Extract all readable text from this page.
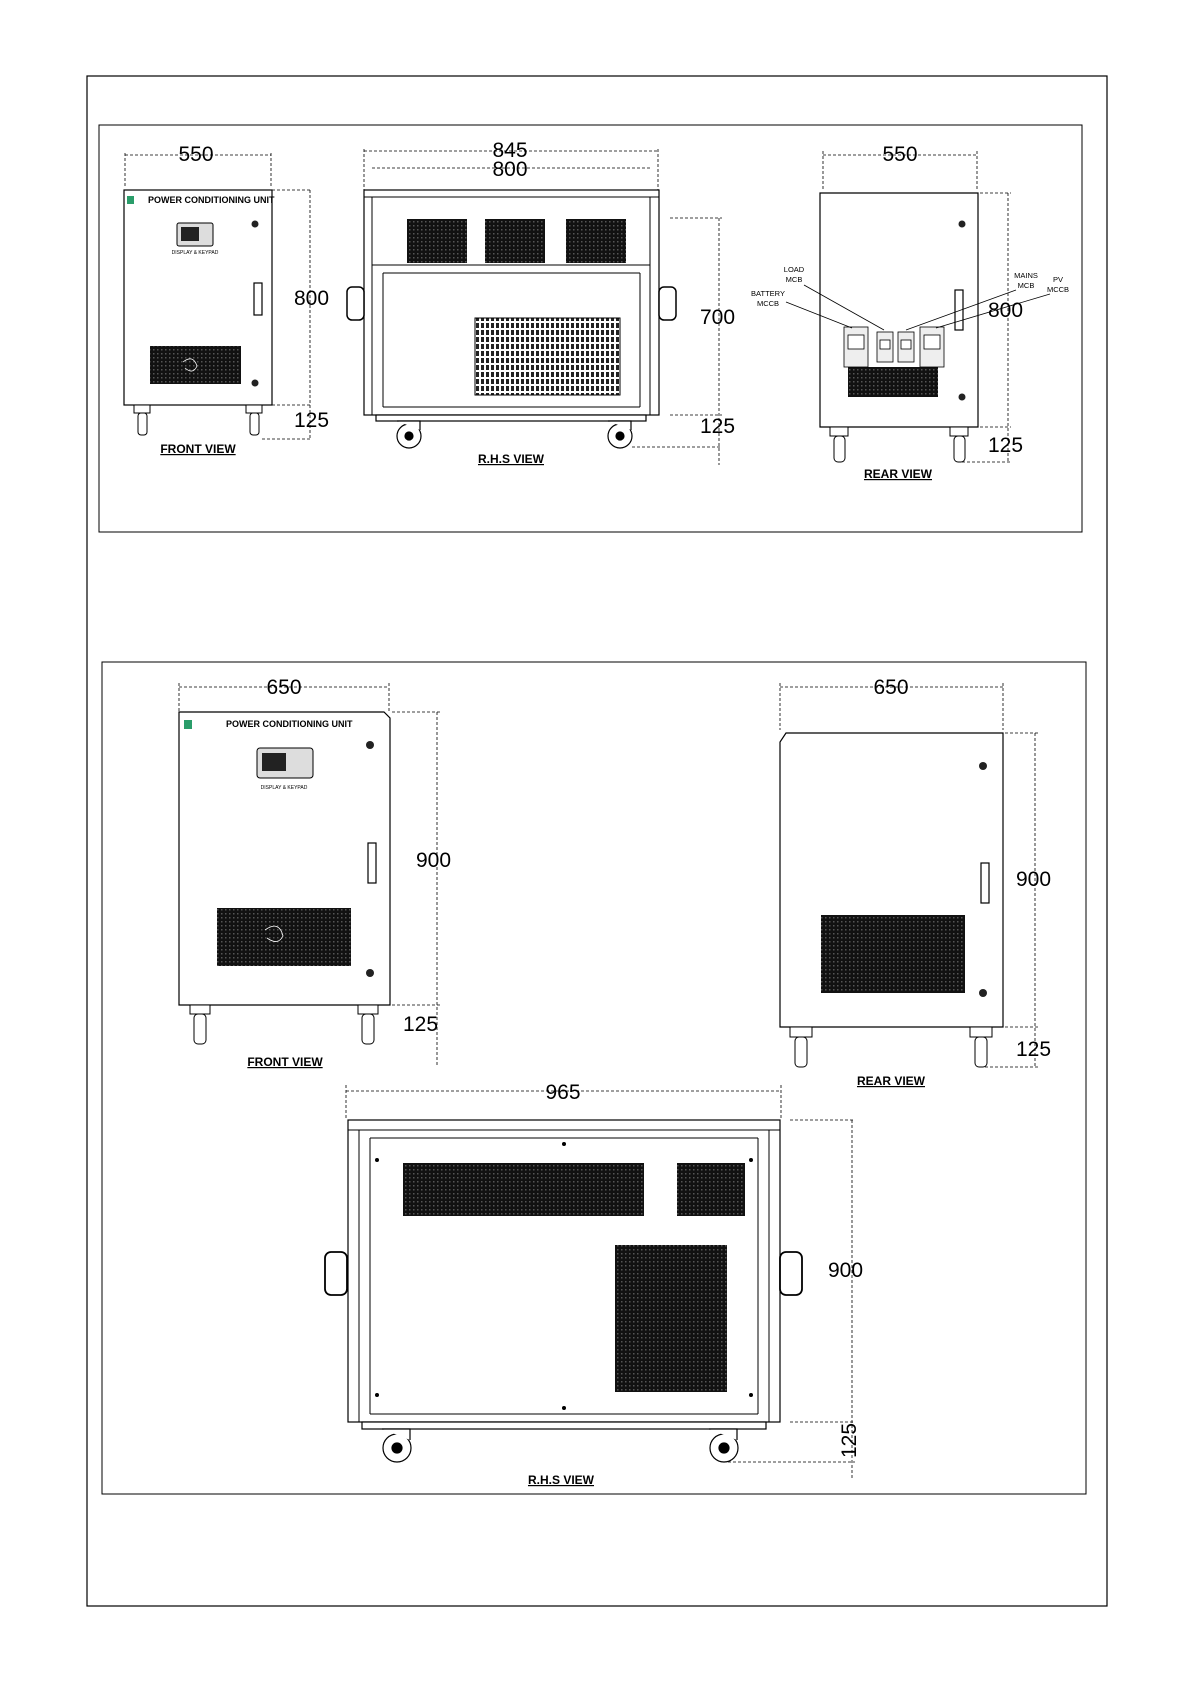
550
POWER CONDITIONING UNIT
DISPLAY & KEYPAD
800
125
FRONT VIEW
845
800
700
125
R.H.S VIEW
550
LOAD
MCB
BATTERY
MCCB
MAINS
MCB
PV
MCCB
800
125
REAR VIEW
650
POWER CONDITIONING UNIT
DISPLAY & KEYPAD
900
125
FRONT VIEW
650
900
125
REAR VIEW
965
900
125
R.H.S VIEW
